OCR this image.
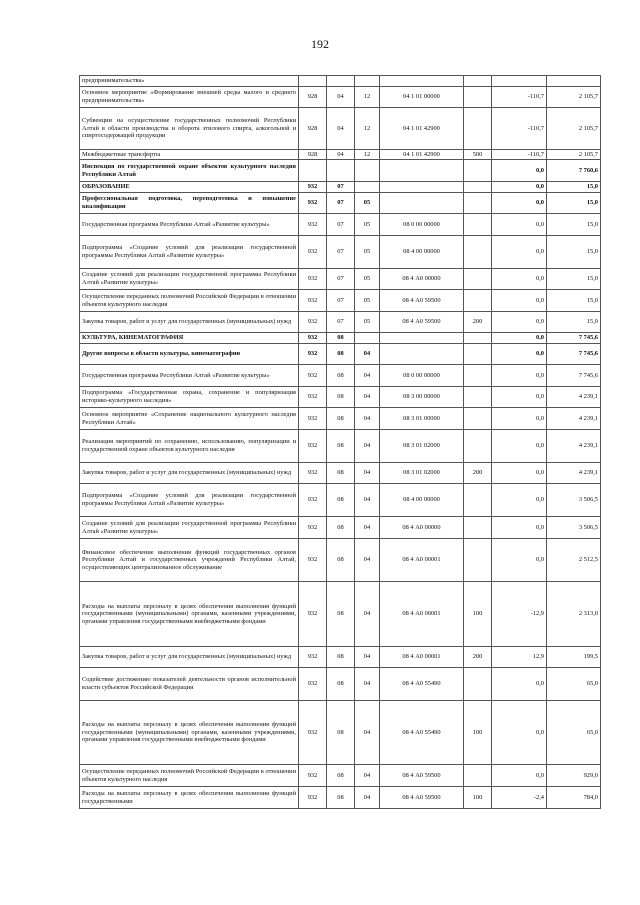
192
предпринимательства»							
Основное мероприятие «Формирование внешней среды малого и среднего предпринимательства»	928	04	12	04 1 01 00000		-110,7	2 105,7
Субвенции на осуществление государственных полномочий Республики Алтай в области производства и оборота этилового спирта, алкогольной и спиртосодержащей продукции	928	04	12	04 1 01 42900		-110,7	2 105,7
Межбюджетные трансферты	928	04	12	04 1 01 42900	500	-110,7	2 105,7
Инспекция по государственной охране объектов культурного наследия Республики Алтай						0,0	7 760,6
ОБРАЗОВАНИЕ	932	07				0,0	15,0
Профессиональная подготовка, переподготовка и повышение квалификации	932	07	05			0,0	15,0
Государственная программа Республики Алтай «Развитие культуры»	932	07	05	08 0 00 00000		0,0	15,0
Подпрограмма «Создание условий для реализации государственной программы Республики Алтай «Развитие культуры»	932	07	05	08 4 00 00000		0,0	15,0
Создание условий для реализации государственной программы Республики Алтай «Развитие культуры»	932	07	05	08 4 А0 00000		0,0	15,0
Осуществление переданных полномочий Российской Федерации в отношении объектов культурного наследия	932	07	05	08 4 А0 59500		0,0	15,0
Закупка товаров, работ и услуг для государственных (муниципальных) нужд	932	07	05	08 4 А0 59500	200	0,0	15,0
КУЛЬТУРА, КИНЕМАТОГРАФИЯ	932	08				0,0	7 745,6
Другие вопросы в области культуры, кинематографии	932	08	04			0,0	7 745,6
Государственная программа Республики Алтай «Развитие культуры»	932	08	04	08 0 00 00000		0,0	7 745,6
Подпрограмма «Государственная охрана, сохранение и популяризация историко-культурного наследия»	932	08	04	08 3 00 00000		0,0	4 239,1
Основное мероприятие «Сохранение национального культурного наследия Республики Алтай»	932	08	04	08 3 01 00000		0,0	4 239,1
Реализация мероприятий по сохранению, использованию, популяризации и государственной охране объектов культурного наследия	932	08	04	08 3 01 02000		0,0	4 239,1
Закупка товаров, работ и услуг для государственных (муниципальных) нужд	932	08	04	08 3 01 02000	200	0,0	4 239,1
Подпрограмма «Создание условий для реализации государственной программы Республики Алтай «Развитие культуры»	932	08	04	08 4 00 00000		0,0	3 506,5
Создание условий для реализации государственной программы Республики Алтай «Развитие культуры»	932	08	04	08 4 А0 00000		0,0	3 506,5
Финансовое обеспечение выполнения функций государственных органов Республики Алтай и государственных учреждений Республики Алтай, осуществляющих централизованное обслуживание	932	08	04	08 4 А0 00001		0,0	2 512,5
Расходы на выплаты персоналу в целях обеспечения выполнения функций государственными (муниципальными) органами, казенными учреждениями, органами управления государственными внебюджетными фондами	932	08	04	08 4 А0 00001	100	-12,9	2 313,0
Закупка товаров, работ и услуг для государственных (муниципальных) нужд	932	08	04	08 4 А0 00001	200	12,9	199,5
Содействие достижению показателей деятельности органов исполнительной власти субъектов Российской Федерации	932	08	04	08 4 А0 55490		0,0	65,0
Расходы на выплаты персоналу в целях обеспечения выполнения функций государственными (муниципальными) органами, казенными учреждениями, органами управления государственными внебюджетными фондами	932	08	04	08 4 А0 55490	100	0,0	65,0
Осуществление переданных полномочий Российской Федерации в отношении объектов культурного наследия	932	08	04	08 4 А0 59500		0,0	929,0
Расходы на выплаты персоналу в целях обеспечения выполнения функций государственными	932	08	04	08 4 А0 59500	100	-2,4	784,0
